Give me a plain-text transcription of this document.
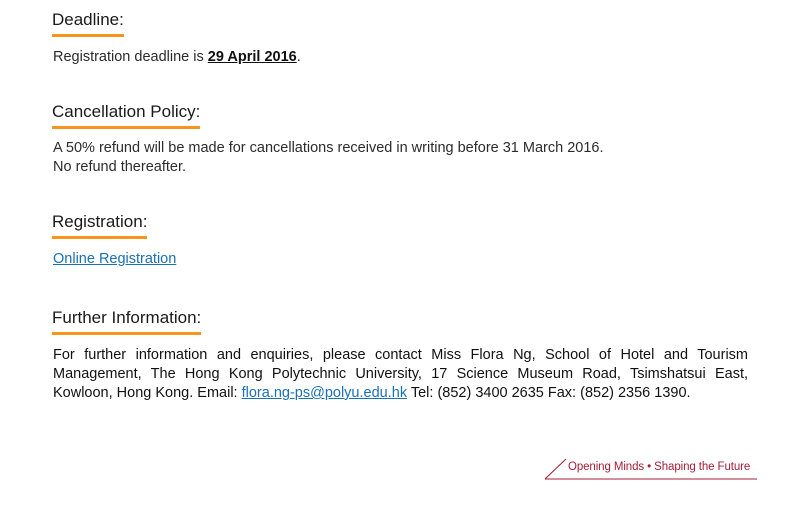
Deadline:

Registration deadline is 29 April 2016.

Cancellation Policy:

A 50% refund will be made for cancellations received in writing before 31 March 2016.

No refund thereafter.

Registration:

Online Registration

Further Information:

For further information and enquiries, please contact Miss Flora Ng, School of Hotel and Tourism Management, The Hong Kong Polytechnic University, 17 Science Museum Road, Tsimshatsui East, Kowloon, Hong Kong. Email: flora.ng-ps@polyu.edu.hk Tel: (852) 3400 2635 Fax: (852) 2356 1390.

Opening Minds • Shaping the Future
